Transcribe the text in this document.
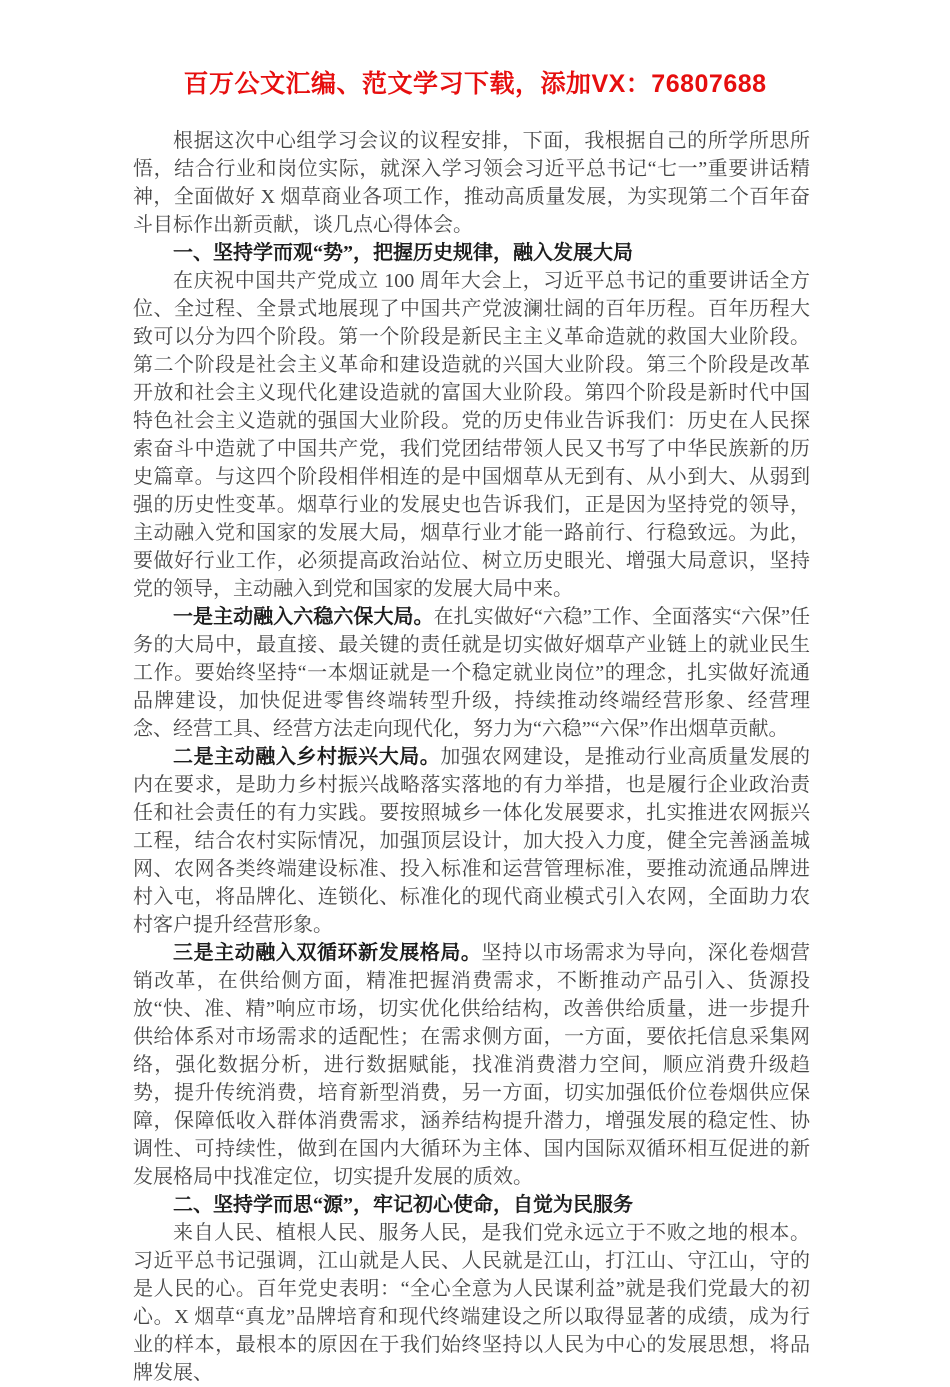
百万公文汇编、范文学习下载，添加VX：76807688

根据这次中心组学习会议的议程安排，下面，我根据自己的所学所思所悟，结合行业和岗位实际，就深入学习领会习近平总书记“七一”重要讲话精神，全面做好 X 烟草商业各项工作，推动高质量发展，为实现第二个百年奋斗目标作出新贡献，谈几点心得体会。

一、坚持学而观“势”，把握历史规律，融入发展大局

在庆祝中国共产党成立 100 周年大会上，习近平总书记的重要讲话全方位、全过程、全景式地展现了中国共产党波澜壮阔的百年历程。百年历程大致可以分为四个阶段。第一个阶段是新民主主义革命造就的救国大业阶段。第二个阶段是社会主义革命和建设造就的兴国大业阶段。第三个阶段是改革开放和社会主义现代化建设造就的富国大业阶段。第四个阶段是新时代中国特色社会主义造就的强国大业阶段。党的历史伟业告诉我们：历史在人民探索奋斗中造就了中国共产党，我们党团结带领人民又书写了中华民族新的历史篇章。与这四个阶段相伴相连的是中国烟草从无到有、从小到大、从弱到强的历史性变革。烟草行业的发展史也告诉我们，正是因为坚持党的领导，主动融入党和国家的发展大局，烟草行业才能一路前行、行稳致远。为此，要做好行业工作，必须提高政治站位、树立历史眼光、增强大局意识，坚持党的领导，主动融入到党和国家的发展大局中来。

一是主动融入六稳六保大局。在扎实做好“六稳”工作、全面落实“六保”任务的大局中，最直接、最关键的责任就是切实做好烟草产业链上的就业民生工作。要始终坚持“一本烟证就是一个稳定就业岗位”的理念，扎实做好流通品牌建设，加快促进零售终端转型升级，持续推动终端经营形象、经营理念、经营工具、经营方法走向现代化，努力为“六稳”“六保”作出烟草贡献。

二是主动融入乡村振兴大局。加强农网建设，是推动行业高质量发展的内在要求，是助力乡村振兴战略落实落地的有力举措，也是履行企业政治责任和社会责任的有力实践。要按照城乡一体化发展要求，扎实推进农网振兴工程，结合农村实际情况，加强顶层设计，加大投入力度，健全完善涵盖城网、农网各类终端建设标准、投入标准和运营管理标准，要推动流通品牌进村入屯，将品牌化、连锁化、标准化的现代商业模式引入农网，全面助力农村客户提升经营形象。

三是主动融入双循环新发展格局。坚持以市场需求为导向，深化卷烟营销改革，在供给侧方面，精准把握消费需求，不断推动产品引入、货源投放“快、准、精”响应市场，切实优化供给结构，改善供给质量，进一步提升供给体系对市场需求的适配性；在需求侧方面，一方面，要依托信息采集网络，强化数据分析，进行数据赋能，找准消费潜力空间，顺应消费升级趋势，提升传统消费，培育新型消费，另一方面，切实加强低价位卷烟供应保障，保障低收入群体消费需求，涵养结构提升潜力，增强发展的稳定性、协调性、可持续性，做到在国内大循环为主体、国内国际双循环相互促进的新发展格局中找准定位，切实提升发展的质效。

二、坚持学而思“源”，牢记初心使命，自觉为民服务

来自人民、植根人民、服务人民，是我们党永远立于不败之地的根本。习近平总书记强调，江山就是人民、人民就是江山，打江山、守江山，守的是人民的心。百年党史表明：“全心全意为人民谋利益”就是我们党最大的初心。X 烟草“真龙”品牌培育和现代终端建设之所以取得显著的成绩，成为行业的样本，最根本的原因在于我们始终坚持以人民为中心的发展思想，将品牌发展、
